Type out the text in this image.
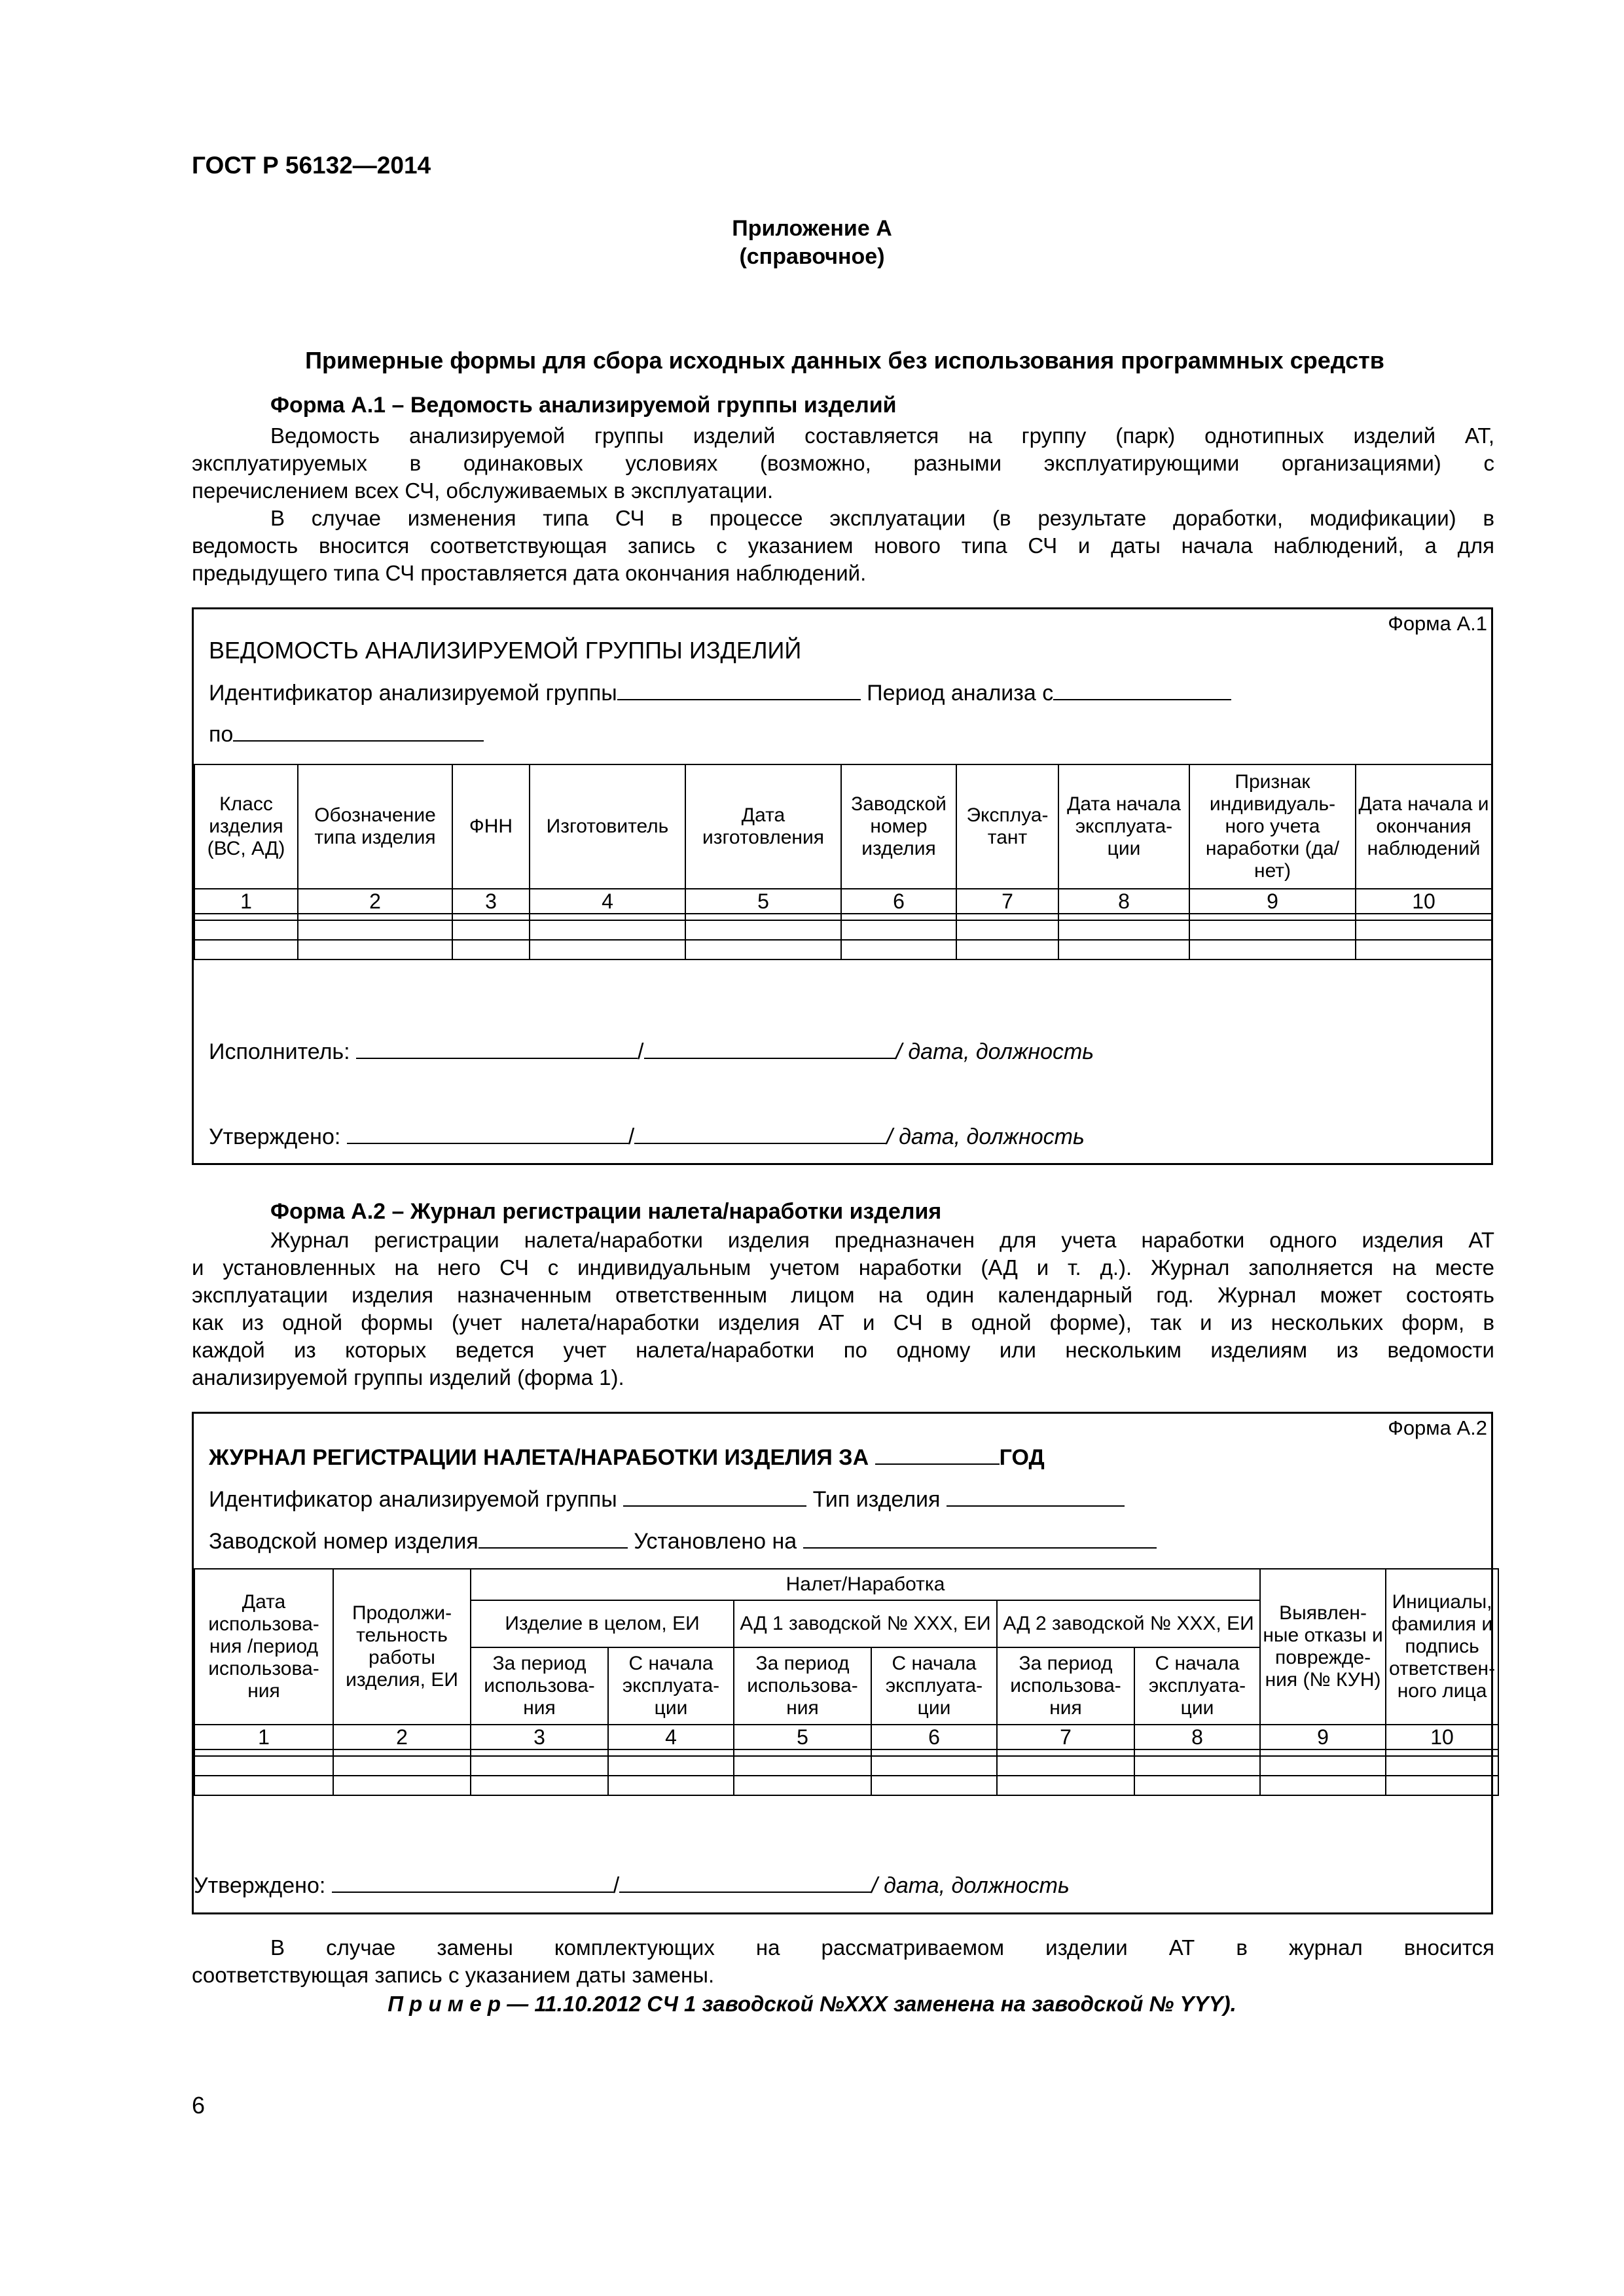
ГОСТ Р 56132—2014
Приложение А
(справочное)
Примерные формы для сбора исходных данных без использования программных средств
Форма А.1 – Ведомость анализируемой группы изделий
Ведомость анализируемой группы изделий составляется на группу (парк) однотипных изделий АТ,
эксплуатируемых в одинаковых условиях (возможно, разными эксплуатирующими организациями) с
перечислением всех СЧ, обслуживаемых в эксплуатации.
В случае изменения типа СЧ в процессе эксплуатации (в результате доработки, модификации) в
ведомость вносится соответствующая запись с указанием нового типа СЧ и даты начала наблюдений, а для
предыдущего типа СЧ проставляется дата окончания наблюдений.
Форма А.1
ВЕДОМОСТЬ АНАЛИЗИРУЕМОЙ ГРУППЫ ИЗДЕЛИЙ
Идентификатор анализируемой группы	Период анализа с
по
Класс изделия (ВС, АД)	Обозначение типа изделия	ФНН	Изготовитель	Дата изготовления	Заводской номер изделия	Эксплуа-тант	Дата начала эксплуата-ции	Признак индивидуаль-ного учета наработки (да/нет)	Дата начала и окончания наблюдений
1	2	3	4	5	6	7	8	9	10

Исполнитель:	/	/ дата, должность
Утверждено:	/	/ дата, должность
Форма А.2 – Журнал регистрации налета/наработки изделия
Журнал регистрации налета/наработки изделия предназначен для учета наработки одного изделия АТ
и установленных на него СЧ с индивидуальным учетом наработки (АД и т. д.). Журнал заполняется на месте
эксплуатации изделия назначенным ответственным лицом на один календарный год. Журнал может состоять
как из одной формы (учет налета/наработки изделия АТ и СЧ в одной форме), так и из нескольких форм, в
каждой из которых ведется учет налета/наработки по одному или нескольким изделиям из ведомости
анализируемой группы изделий (форма 1).
Форма А.2
ЖУРНАЛ РЕГИСТРАЦИИ НАЛЕТА/НАРАБОТКИ ИЗДЕЛИЯ ЗА	ГОД
Идентификатор анализируемой группы	Тип изделия
Заводской номер изделия	Установлено на
Дата использова-ния /период использова-ния	Продолжи-тельность работы изделия, ЕИ	Налет/Наработка						Выявлен-ные отказы и поврежде-ния (№ КУН)	Инициалы, фамилия и подпись ответствен-ного лица
		Изделие в целом, ЕИ		АД 1 заводской № ХХХ, ЕИ		АД 2 заводской № ХХХ, ЕИ			
		За период использова-ния	С начала эксплуата-ции	За период использова-ния	С начала эксплуата-ции	За период использова-ния	С начала эксплуата-ции		
1	2	3	4	5	6	7	8	9	10

Утверждено:	/	/ дата, должность
В случае замены комплектующих на рассматриваемом изделии АТ в журнал вносится
соответствующая запись с указанием даты замены.
П р и м е р — 11.10.2012 СЧ 1 заводской №ХХХ заменена на заводской № YYY).
6
